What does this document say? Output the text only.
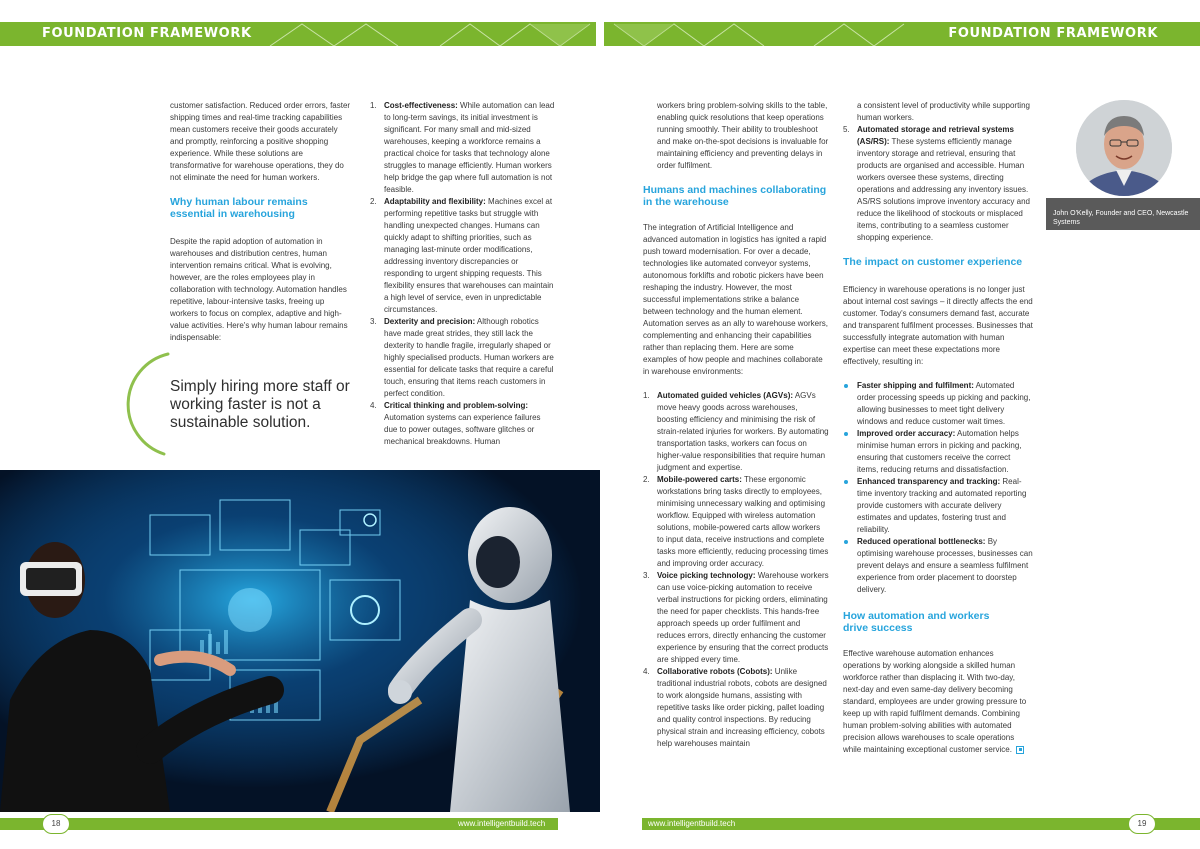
FOUNDATION FRAMEWORK	FOUNDATION FRAMEWORK

customer satisfaction. Reduced order errors, faster shipping times and real-time tracking capabilities mean customers receive their goods accurately and promptly, reinforcing a positive shopping experience. While these solutions are transformative for warehouse operations, they do not eliminate the need for human workers.

Why human labour remains essential in warehousing

Despite the rapid adoption of automation in warehouses and distribution centres, human intervention remains critical. What is evolving, however, are the roles employees play in collaboration with technology. Automation handles repetitive, labour-intensive tasks, freeing up workers to focus on complex, adaptive and high-value activities. Here's why human labour remains indispensable:

Simply hiring more staff or working faster is not a sustainable solution.
1. Cost-effectiveness: While automation can lead to long-term savings, its initial investment is significant. For many small and mid-sized warehouses, keeping a workforce remains a practical choice for tasks that technology alone struggles to manage efficiently. Human workers help bridge the gap where full automation is not feasible.
2. Adaptability and flexibility: Machines excel at performing repetitive tasks but struggle with handling unexpected changes. Humans can quickly adapt to shifting priorities, such as managing last-minute order modifications, addressing inventory discrepancies or responding to urgent shipping requests. This flexibility ensures that warehouses can maintain a high level of service, even in unpredictable circumstances.
3. Dexterity and precision: Although robotics have made great strides, they still lack the dexterity to handle fragile, irregularly shaped or highly specialised products. Human workers are essential for delicate tasks that require a careful touch, ensuring that items reach customers in perfect condition.
4. Critical thinking and problem-solving: Automation systems can experience failures due to power outages, software glitches or mechanical breakdowns. Human

workers bring problem-solving skills to the table, enabling quick resolutions that keep operations running smoothly. Their ability to troubleshoot and make on-the-spot decisions is invaluable for maintaining efficiency and preventing delays in order fulfilment.

Humans and machines collaborating in the warehouse

The integration of Artificial Intelligence and advanced automation in logistics has ignited a rapid push toward modernisation. For over a decade, technologies like automated conveyor systems, autonomous forklifts and robotic pickers have been reshaping the industry. However, the most successful implementations strike a balance between technology and the human element. Automation serves as an ally to warehouse workers, complementing and enhancing their capabilities rather than replacing them. Here are some examples of how people and machines collaborate in warehouse environments:

1. Automated guided vehicles (AGVs): AGVs move heavy goods across warehouses, boosting efficiency and minimising the risk of strain-related injuries for workers. By automating transportation tasks, workers can focus on higher-value responsibilities that require human judgment and expertise.
2. Mobile-powered carts: These ergonomic workstations bring tasks directly to employees, minimising unnecessary walking and optimising workflow. Equipped with wireless automation solutions, mobile-powered carts allow workers to input data, receive instructions and complete tasks more efficiently, reducing processing times and improving order accuracy.
3. Voice picking technology: Warehouse workers can use voice-picking automation to receive verbal instructions for picking orders, eliminating the need for paper checklists. This hands-free approach speeds up order fulfilment and reduces errors, directly enhancing the customer experience by ensuring that the correct products are shipped every time.
4. Collaborative robots (Cobots): Unlike traditional industrial robots, cobots are designed to work alongside humans, assisting with repetitive tasks like order picking, pallet loading and quality control inspections. By reducing physical strain and increasing efficiency, cobots help warehouses maintain

a consistent level of productivity while supporting human workers.

5. Automated storage and retrieval systems (AS/RS): These systems efficiently manage inventory storage and retrieval, ensuring that products are organised and accessible. Human workers oversee these systems, directing operations and addressing any inventory issues. AS/RS solutions improve inventory accuracy and reduce the likelihood of stockouts or misplaced items, contributing to a seamless customer shopping experience.
The impact on customer experience

Efficiency in warehouse operations is no longer just about internal cost savings – it directly affects the end customer. Today's consumers demand fast, accurate and transparent fulfilment processes. Businesses that successfully integrate automation with human expertise can meet these expectations more effectively, resulting in:

Faster shipping and fulfilment: Automated order processing speeds up picking and packing, allowing businesses to meet tight delivery windows and reduce customer wait times.
Improved order accuracy: Automation helps minimise human errors in picking and packing, ensuring that customers receive the correct items, reducing returns and dissatisfaction.
Enhanced transparency and tracking: Real-time inventory tracking and automated reporting provide customers with accurate delivery estimates and updates, fostering trust and reliability.
Reduced operational bottlenecks: By optimising warehouse processes, businesses can prevent delays and ensure a seamless fulfilment experience from order placement to doorstep delivery.
How automation and workers drive success

Effective warehouse automation enhances operations by working alongside a skilled human workforce rather than displacing it. With two-day, next-day and even same-day delivery becoming standard, employees are under growing pressure to keep up with rapid fulfilment demands. Combining human problem-solving abilities with automated precision allows warehouses to scale operations while maintaining exceptional customer service.

John O'Kelly, Founder and CEO, Newcastle Systems
www.intelligentbuild.tech	www.intelligentbuild.tech
18	19
